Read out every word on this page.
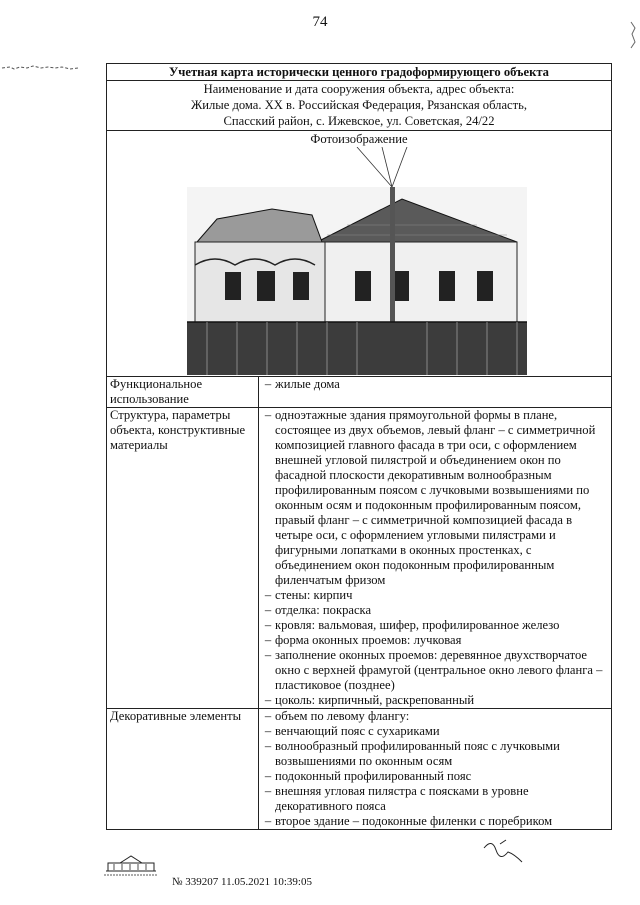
74
Учетная карта исторически ценного градоформирующего объекта
Наименование и дата сооружения объекта, адрес объекта:
Жилые дома. XX в. Российская Федерация, Рязанская область,
Спасский район, с. Ижевское, ул. Советская, 24/22
Фотоизображение
Функциональное использование
– жилые дома
Структура, параметры объекта, конструктивные материалы
– одноэтажные здания прямоугольной формы в плане, состоящее из двух объемов, левый фланг – с симметричной композицией главного фасада в три оси, с оформлением внешней угловой пилястрой и объединением окон по фасадной плоскости декоративным волнообразным профилированным поясом с лучковыми возвышениями по оконным осям и подоконным профилированным поясом, правый фланг – с симметричной композицией фасада в четыре оси, с оформлением угловыми пилястрами и фигурными лопатками в оконных простенках, с объединением окон подоконным профилированным филенчатым фризом
– стены: кирпич
– отделка: покраска
– кровля: вальмовая, шифер, профилированное железо
– форма оконных проемов: лучковая
– заполнение оконных проемов: деревянное двухстворчатое окно с верхней фрамугой (центральное окно левого фланга – пластиковое (позднее)
– цоколь: кирпичный, раскрепованный
Декоративные элементы	– объем по левому флангу:
– венчающий пояс с сухариками
– волнообразный профилированный пояс с лучковыми возвышениями по оконным осям
– подоконный профилированный пояс
– внешняя угловая пилястра с поясками в уровне декоративного пояса
– второе здание – подоконные филенки с поребриком
№ 339207 11.05.2021 10:39:05
